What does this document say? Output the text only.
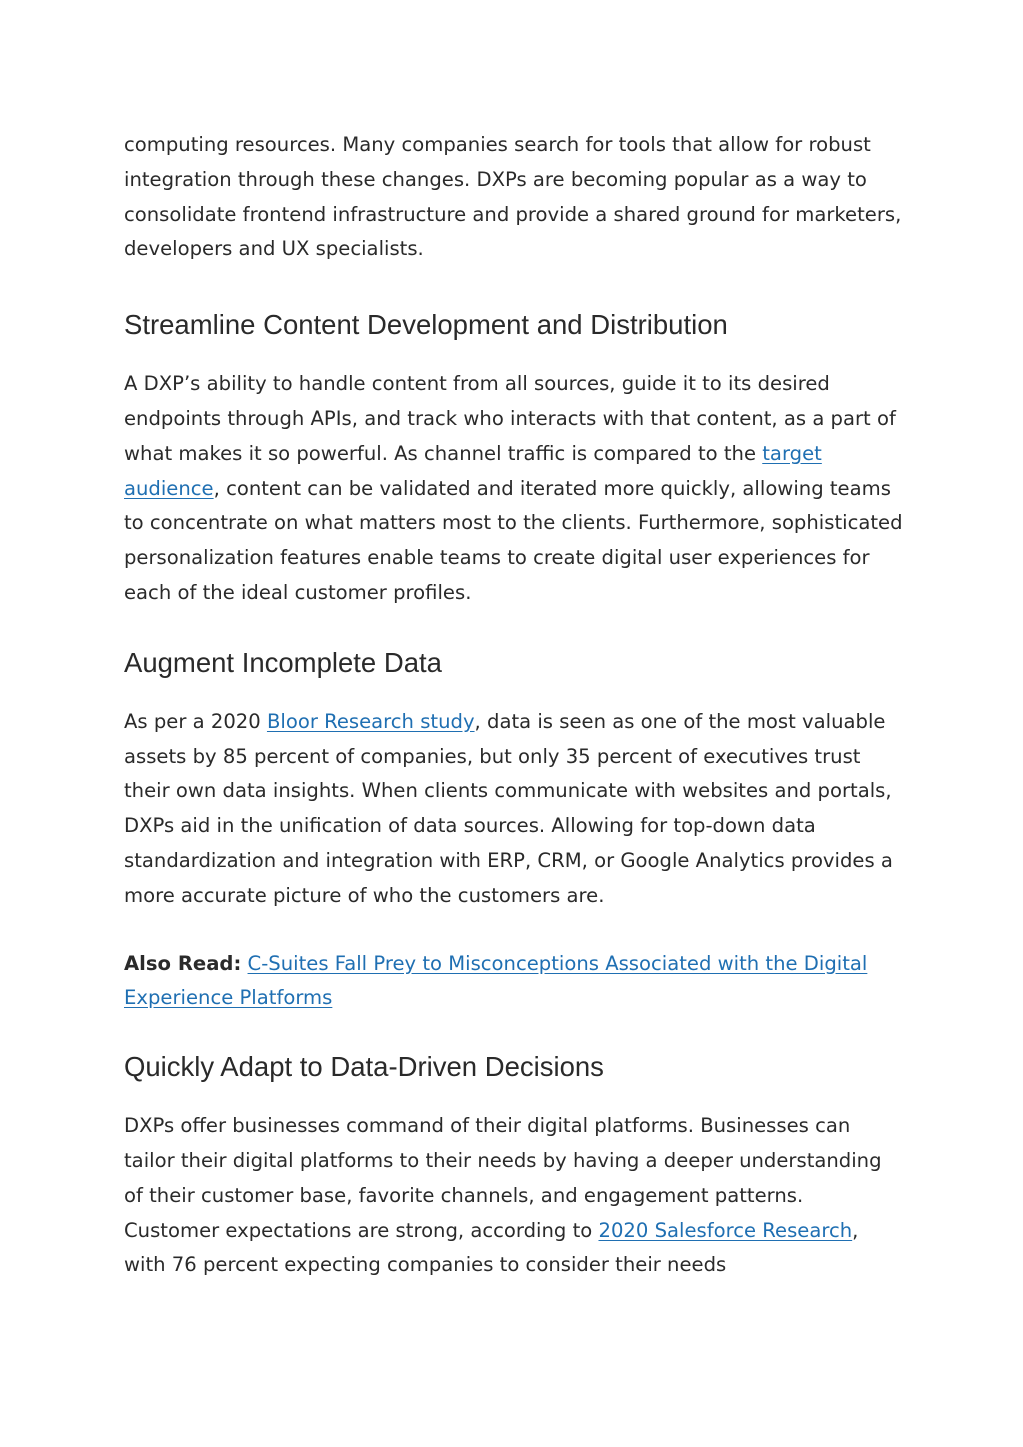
computing resources. Many companies search for tools that allow for robust integration through these changes. DXPs are becoming popular as a way to consolidate frontend infrastructure and provide a shared ground for marketers, developers and UX specialists.

Streamline Content Development and Distribution

A DXP’s ability to handle content from all sources, guide it to its desired endpoints through APIs, and track who interacts with that content, as a part of what makes it so powerful. As channel traffic is compared to the target audience, content can be validated and iterated more quickly, allowing teams to concentrate on what matters most to the clients. Furthermore, sophisticated personalization features enable teams to create digital user experiences for each of the ideal customer profiles.

Augment Incomplete Data

As per a 2020 Bloor Research study, data is seen as one of the most valuable assets by 85 percent of companies, but only 35 percent of executives trust their own data insights. When clients communicate with websites and portals, DXPs aid in the unification of data sources. Allowing for top-down data standardization and integration with ERP, CRM, or Google Analytics provides a more accurate picture of who the customers are.

Also Read: C-Suites Fall Prey to Misconceptions Associated with the Digital Experience Platforms

Quickly Adapt to Data-Driven Decisions

DXPs offer businesses command of their digital platforms. Businesses can tailor their digital platforms to their needs by having a deeper understanding of their customer base, favorite channels, and engagement patterns. Customer expectations are strong, according to 2020 Salesforce Research, with 76 percent expecting companies to consider their needs
